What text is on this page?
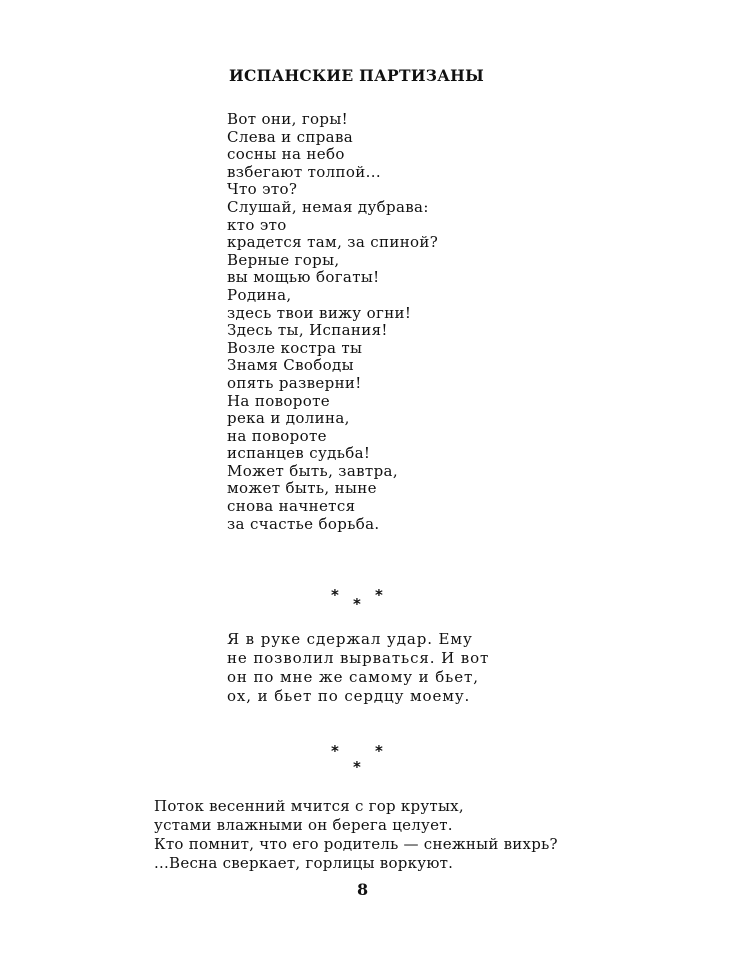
ИСПАНСКИЕ ПАРТИЗАНЫ
Вот они, горы!
Слева и справа
сосны на небо
взбегают толпой...
Что это?
Слушай, немая дубрава:
кто это
крадется там, за спиной?
Верные горы,
вы мощью богаты!
Родина,
здесь твои вижу огни!
Здесь ты, Испания!
Возле костра ты
Знамя Свободы
опять разверни!
На повороте
река и долина,
на повороте
испанцев судьба!
Может быть, завтра,
может быть, ныне
снова начнется
за счастье борьба.
* * *
Я в руке сдержал удар. Ему
не позволил вырваться. И вот
он по мне же самому и бьет,
ох, и бьет по сердцу моему.
* *
*
Поток весенний мчится с гор крутых,
устами влажными он берега целует.
Кто помнит, что его родитель — снежный вихрь?
...Весна сверкает, горлицы воркуют.
8
